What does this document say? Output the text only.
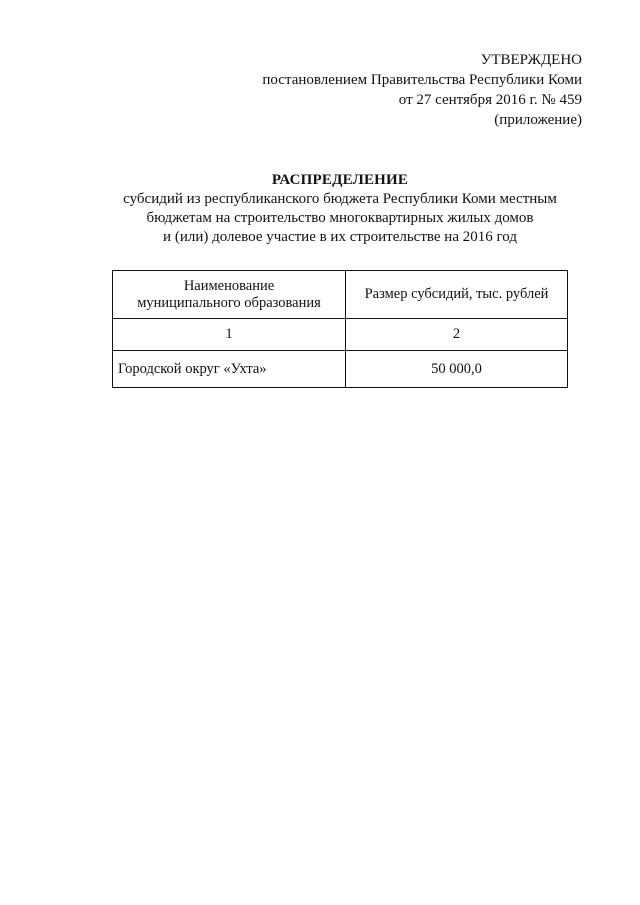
УТВЕРЖДЕНО
постановлением Правительства Республики Коми
от 27 сентября 2016 г. № 459
(приложение)
РАСПРЕДЕЛЕНИЕ
субсидий из республиканского бюджета Республики Коми местным
бюджетам на строительство многоквартирных жилых домов
и (или) долевое участие в их строительстве на 2016 год
Наименование муниципального образования	Размер субсидий, тыс. рублей
1	2
Городской округ «Ухта»	50 000,0
